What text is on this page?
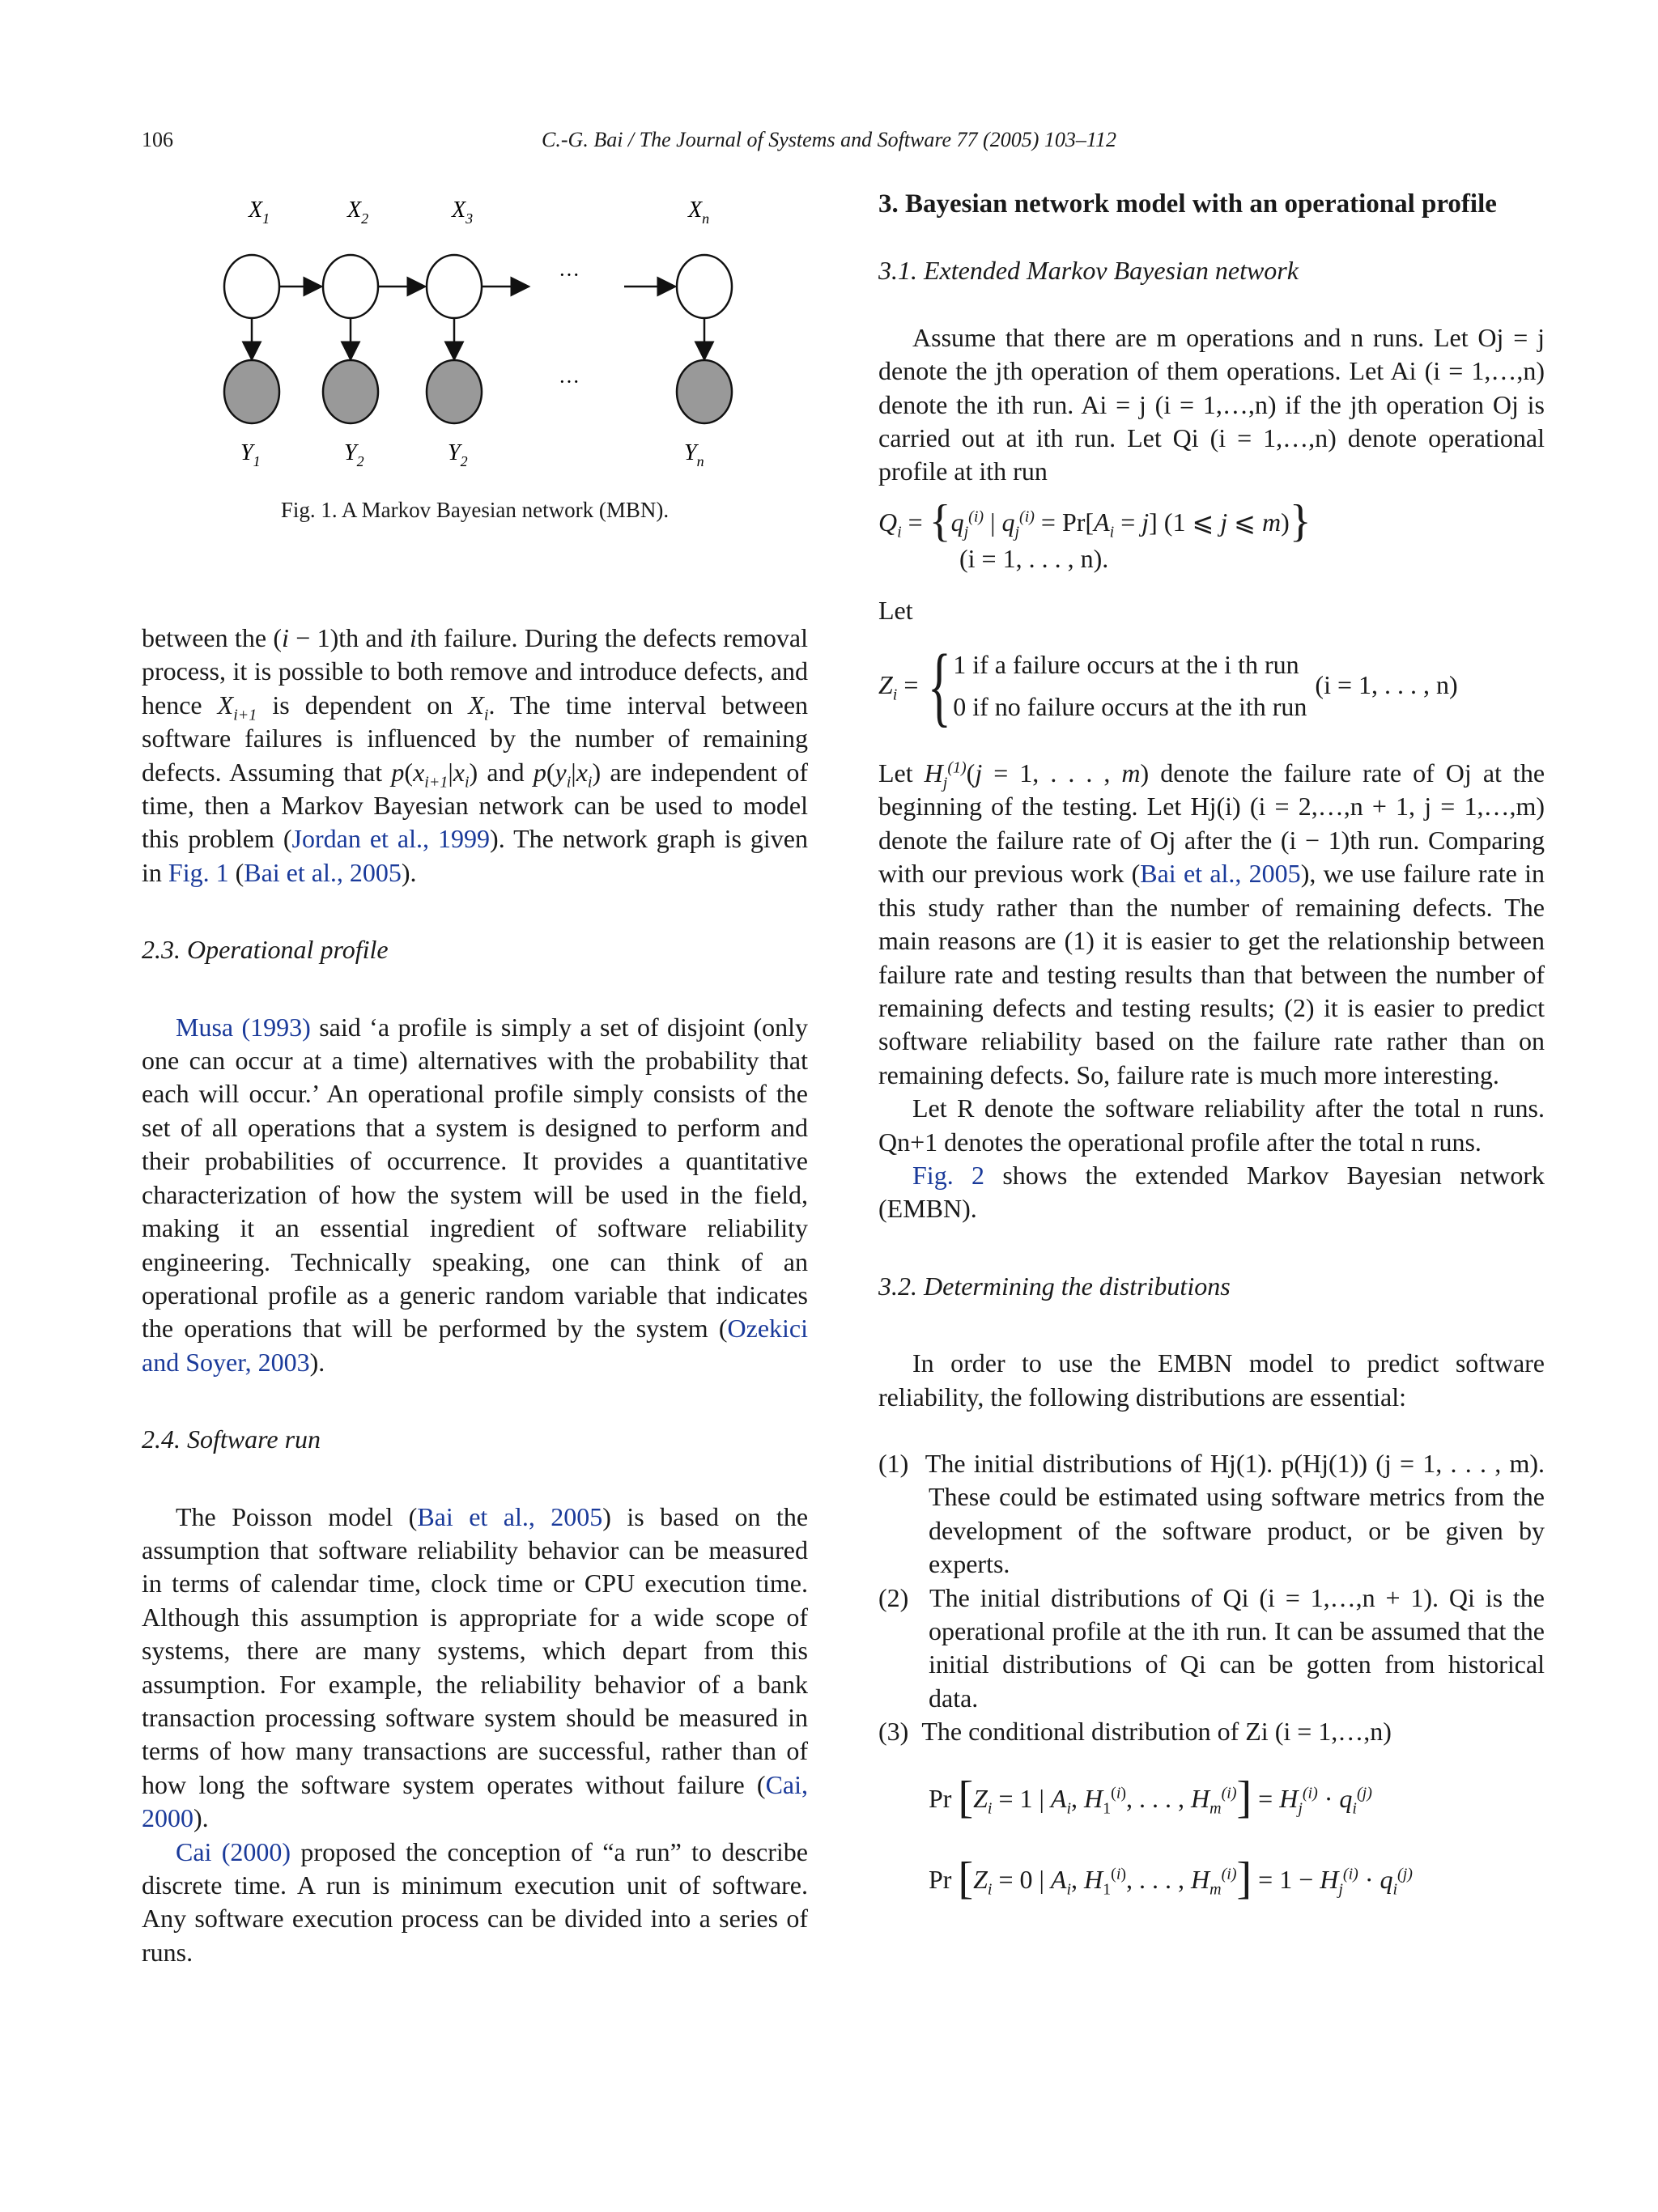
106	C.-G. Bai / The Journal of Systems and Software 77 (2005) 103–112
$X_1$	$X_2$	$X_3$	$X_n$
···
···
$Y_1$	$Y_2$	$Y_2$	$Y_n$
Fig. 1. A Markov Bayesian network (MBN).

between the (i − 1)th and ith failure. During the defects removal process, it is possible to both remove and introduce defects, and hence $X_{i+1}$ is dependent on $X_i$. The time interval between software failures is influenced by the number of remaining defects. Assuming that $p(x_{i+1}|x_i)$ and $p(y_i|x_i)$ are independent of time, then a Markov Bayesian network can be used to model this problem (Jordan et al., 1999). The network graph is given in Fig. 1 (Bai et al., 2005).

2.3. Operational profile

Musa (1993) said ‘a profile is simply a set of disjoint (only one can occur at a time) alternatives with the probability that each will occur.’ An operational profile simply consists of the set of all operations that a system is designed to perform and their probabilities of occurrence. It provides a quantitative characterization of how the system will be used in the field, making it an essential ingredient of software reliability engineering. Technically speaking, one can think of an operational profile as a generic random variable that indicates the operations that will be performed by the system (Ozekici and Soyer, 2003).

2.4. Software run

The Poisson model (Bai et al., 2005) is based on the assumption that software reliability behavior can be measured in terms of calendar time, clock time or CPU execution time. Although this assumption is appropriate for a wide scope of systems, there are many systems, which depart from this assumption. For example, the reliability behavior of a bank transaction processing software system should be measured in terms of how many transactions are successful, rather than of how long the software system operates without failure (Cai, 2000).

Cai (2000) proposed the conception of “a run” to describe discrete time. A run is minimum execution unit of software. Any software execution process can be divided into a series of runs.

3. Bayesian network model with an operational profile

3.1. Extended Markov Bayesian network

Assume that there are m operations and n runs. Let Oj = j denote the jth operation of them operations. Let Ai (i = 1,…,n) denote the ith run. Ai = j (i = 1,…,n) if the jth operation Oj is carried out at ith run. Let Qi (i = 1,…,n) denote operational profile at ith run

$Q_i = \{q_j^{(i)}$ | $q_j^{(i)} = Pr[A_i = j]$ (1 ⩽ j ⩽ m)}
(i = 1, . . . , n).

Let

$Z_i$ = { 1 if a failure occurs at the i th run
0 if no failure occurs at the ith run
(i = 1, . . . , n)

Let $H_j^{(1)}(j = 1$, . . . , m) denote the failure rate of Oj at the beginning of the testing. Let Hj(i) (i = 2,…,n + 1, j = 1,…,m) denote the failure rate of Oj after the (i − 1)th run. Comparing with our previous work (Bai et al., 2005), we use failure rate in this study rather than the number of remaining defects. The main reasons are (1) it is easier to get the relationship between failure rate and testing results than that between the number of remaining defects and testing results; (2) it is easier to predict software reliability based on the failure rate rather than on remaining defects. So, failure rate is much more interesting.

Let R denote the software reliability after the total n runs. Qn+1 denotes the operational profile after the total n runs.

Fig. 2 shows the extended Markov Bayesian network (EMBN).

3.2. Determining the distributions

In order to use the EMBN model to predict software reliability, the following distributions are essential:

(1) The initial distributions of Hj(1). p(Hj(1)) (j = 1, . . . , m). These could be estimated using software metrics from the development of the software product, or be given by experts.

(2) The initial distributions of Qi (i = 1,…,n + 1). Qi is the operational profile at the ith run. It can be assumed that the initial distributions of Qi can be gotten from historical data.

(3) The conditional distribution of Zi (i = 1,…,n)

Pr [$Z_i = 1$ | $A_i$, $H_1^{(i)}$, . . . , $H_m^{(i)}] = H_j^{(i)} \cdot q_i^{(j)}$
Pr [$Z_i = 0$ | $A_i$, $H_1^{(i)}$, . . . , $H_m^{(i)}] = 1 - H_j^{(i)} \cdot q_i^{(j)}$
